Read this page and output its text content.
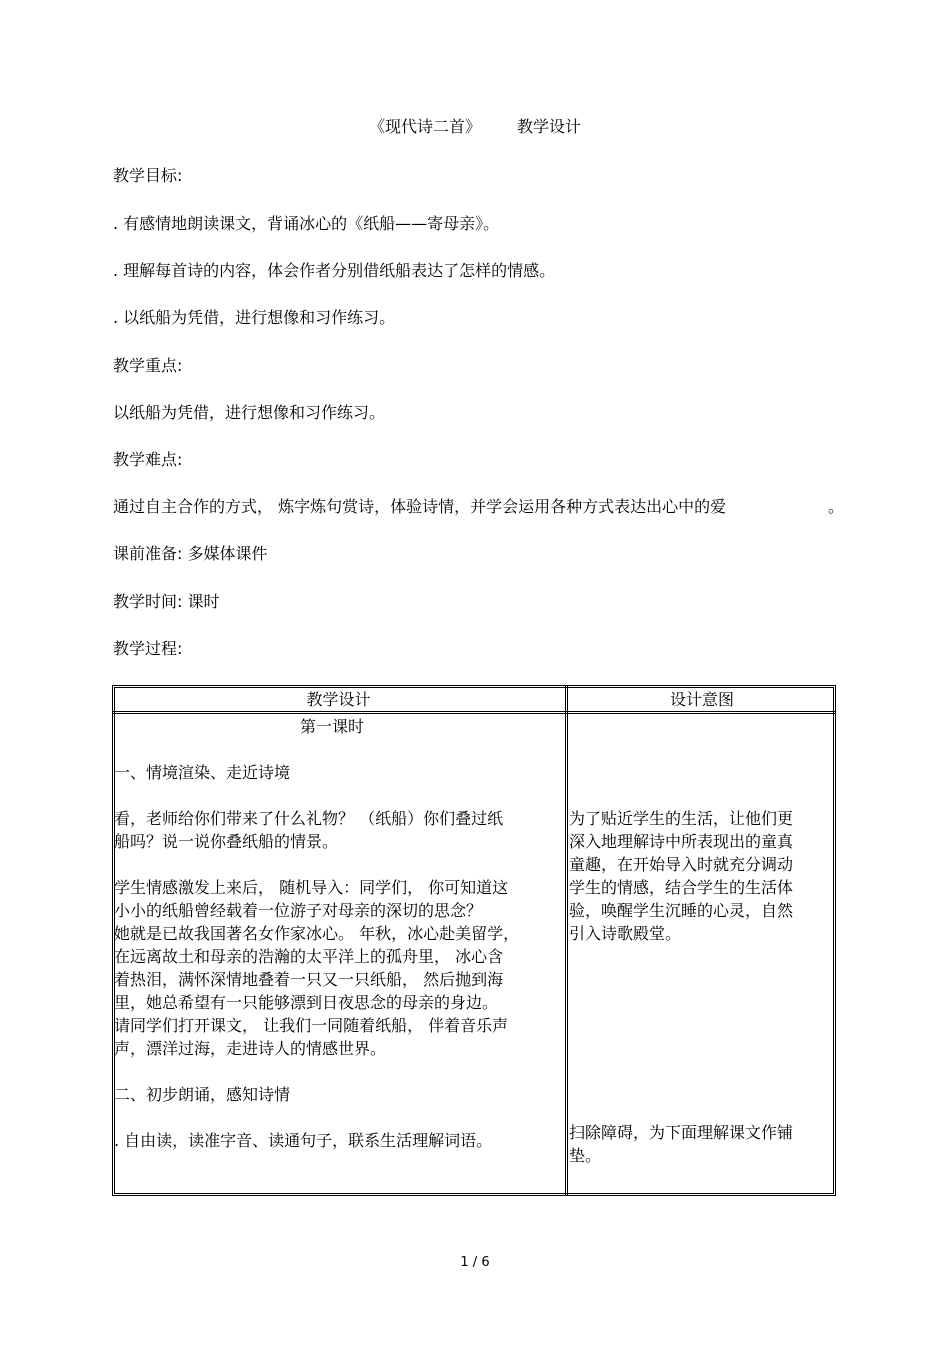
《现代诗二首》 教学设计
教学目标:
. 有感情地朗读课文，背诵冰心的《纸船——寄母亲》。
. 理解每首诗的内容，体会作者分别借纸船表达了怎样的情感。
. 以纸船为凭借，进行想像和习作练习。
教学重点:
以纸船为凭借，进行想像和习作练习。
教学难点:
通过自主合作的方式， 炼字炼句赏诗，体验诗情，并学会运用各种方式表达出心中的爱	。
课前准备: 多媒体课件
教学时间: 课时
教学过程:
教学设计	设计意图
第一课时
一、情境渲染、走近诗境
看，老师给你们带来了什么礼物？ （纸船）你们叠过纸
船吗？说一说你叠纸船的情景。
学生情感激发上来后， 随机导入：同学们， 你可知道这
小小的纸船曾经载着一位游子对母亲的深切的思念？
她就是已故我国著名女作家冰心。 年秋，冰心赴美留学，
在远离故土和母亲的浩瀚的太平洋上的孤舟里， 冰心含
着热泪，满怀深情地叠着一只又一只纸船， 然后抛到海
里，她总希望有一只能够漂到日夜思念的母亲的身边。
请同学们打开课文， 让我们一同随着纸船， 伴着音乐声
声，漂洋过海，走进诗人的情感世界。
二、初步朗诵，感知诗情
. 自由读，读准字音、读通句子，联系生活理解词语。
为了贴近学生的生活，让他们更
深入地理解诗中所表现出的童真
童趣，在开始导入时就充分调动
学生的情感，结合学生的生活体
验，唤醒学生沉睡的心灵，自然
引入诗歌殿堂。
扫除障碍，为下面理解课文作铺
垫。
1 / 6
